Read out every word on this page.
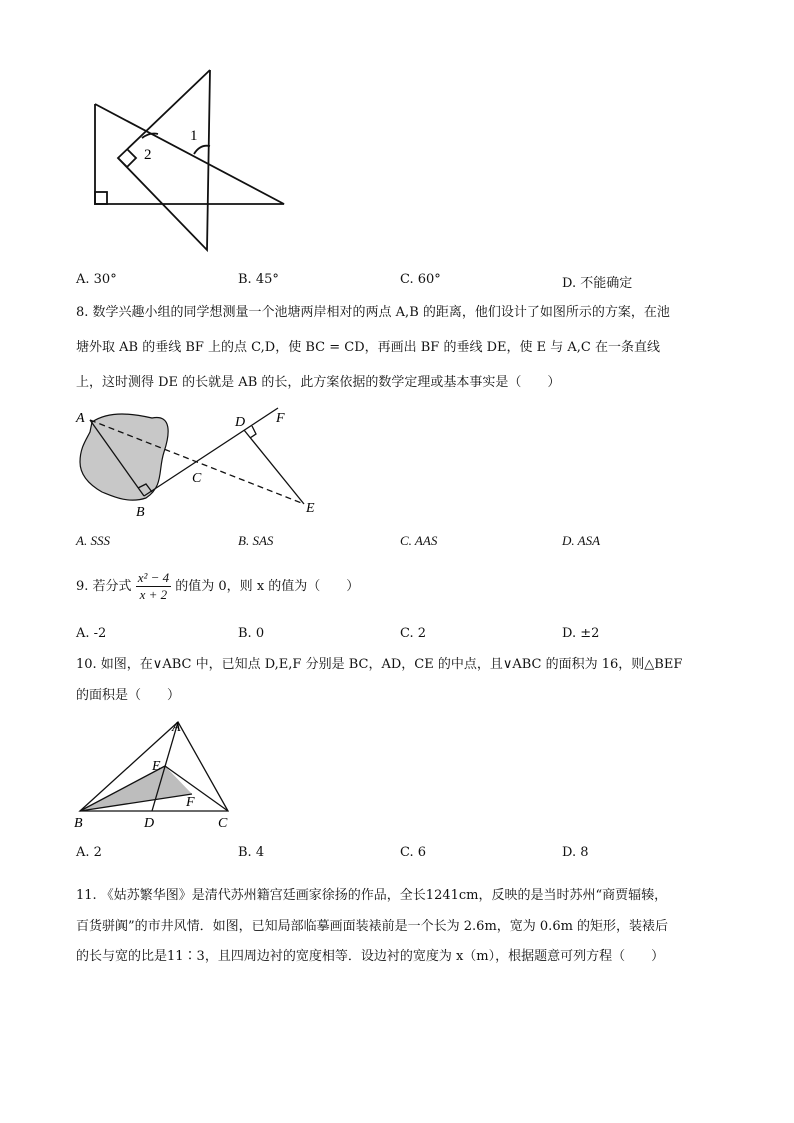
1
2
A. 30°	B. 45°	C. 60°	D. 不能确定
8. 数学兴趣小组的同学想测量一个池塘两岸相对的两点 A,B 的距离，他们设计了如图所示的方案，在池
塘外取 AB 的垂线 BF 上的点 C,D，使 BC = CD，再画出 BF 的垂线 DE，使 E 与 A,C 在一条直线
上，这时测得 DE 的长就是 AB 的长，此方案依据的数学定理或基本事实是（　　）
A
B
C
D
E
F
A. SSS	B. SAS	C. AAS	D. ASA
9. 若分式 $\frac{\text{x² − 4}}{x + 2}$ 的值为 0，则 x 的值为（　　）
A. -2	B. 0	C. 2	D. ±2
10. 如图，在∨ABC 中，已知点 D,E,F 分别是 BC，AD，CE 的中点，且∨ABC 的面积为 16，则△BEF
的面积是（　　）
A
B	C
D
E
F
A. 2	B. 4	C. 6	D. 8
11. 《姑苏繁华图》是清代苏州籍宫廷画家徐扬的作品，全长1241cm，反映的是当时苏州“商贾辐辏，
百货骈阗”的市井风情．如图，已知局部临摹画面装裱前是一个长为 2.6m，宽为 0.6m 的矩形，装裱后
的长与宽的比是11∶3，且四周边衬的宽度相等．设边衬的宽度为 x（m），根据题意可列方程（　　）
